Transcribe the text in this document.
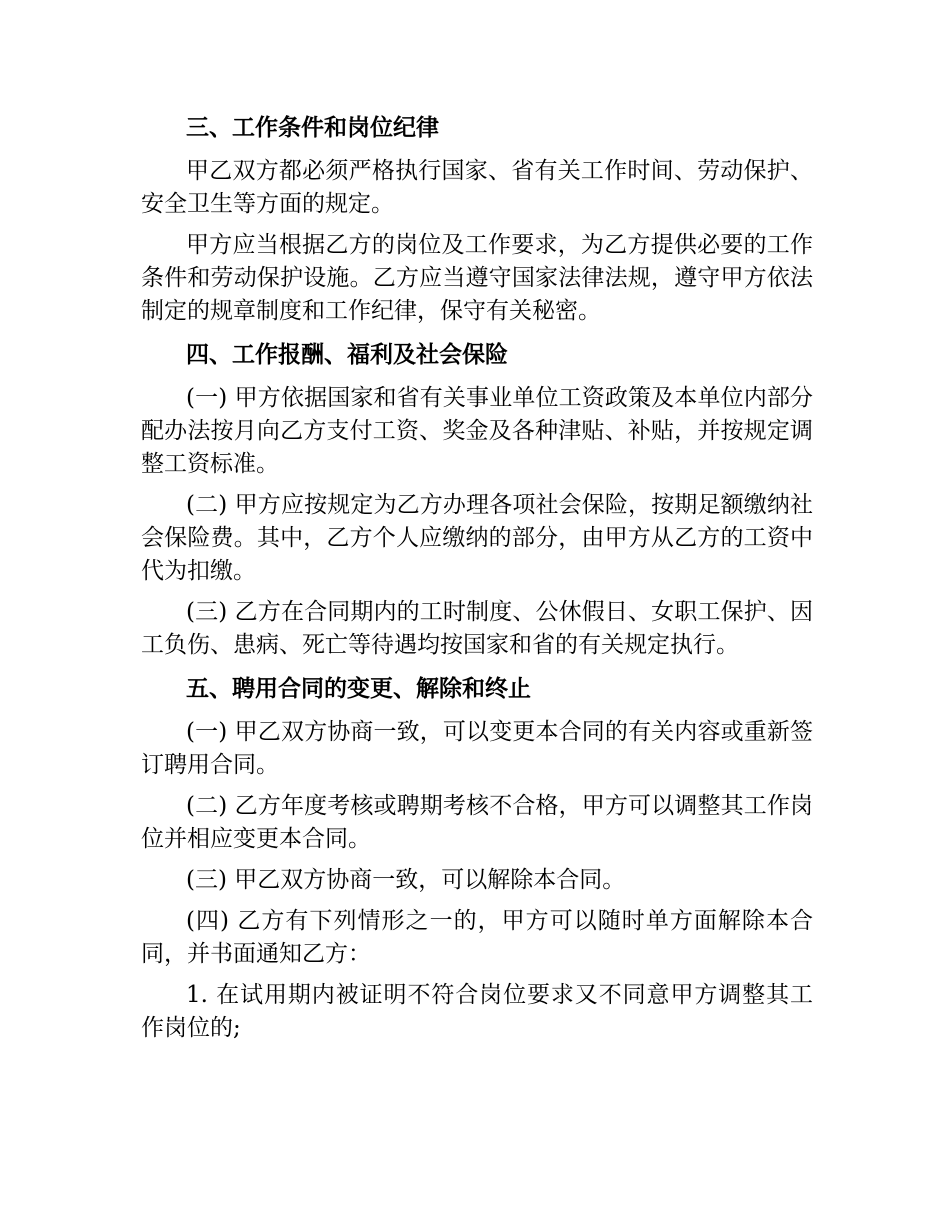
三、工作条件和岗位纪律

甲乙双方都必须严格执行国家、省有关工作时间、劳动保护、安全卫生等方面的规定。

甲方应当根据乙方的岗位及工作要求，为乙方提供必要的工作条件和劳动保护设施。乙方应当遵守国家法律法规，遵守甲方依法制定的规章制度和工作纪律，保守有关秘密。

四、工作报酬、福利及社会保险

(一) 甲方依据国家和省有关事业单位工资政策及本单位内部分配办法按月向乙方支付工资、奖金及各种津贴、补贴，并按规定调整工资标准。

(二) 甲方应按规定为乙方办理各项社会保险，按期足额缴纳社会保险费。其中，乙方个人应缴纳的部分，由甲方从乙方的工资中代为扣缴。

(三) 乙方在合同期内的工时制度、公休假日、女职工保护、因工负伤、患病、死亡等待遇均按国家和省的有关规定执行。

五、聘用合同的变更、解除和终止

(一) 甲乙双方协商一致，可以变更本合同的有关内容或重新签订聘用合同。

(二) 乙方年度考核或聘期考核不合格，甲方可以调整其工作岗位并相应变更本合同。

(三) 甲乙双方协商一致，可以解除本合同。

(四) 乙方有下列情形之一的，甲方可以随时单方面解除本合同，并书面通知乙方：

1. 在试用期内被证明不符合岗位要求又不同意甲方调整其工作岗位的;
